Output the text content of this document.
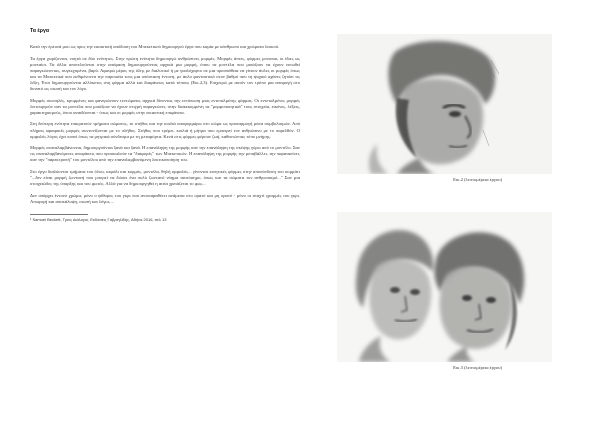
Τα έργα

Κατά την έρευνά μου ως προς την εικαστική απόδοση του Μπεκετικού δημιουργού έργα που καμία με κάνθρωπο και χρώματα λευκού.

Τα έργα χωρίζονται, νοητά σε δύο ενότητες. Στην πρώτη ενότητα δημιουργώ ανθρώπινες μορφές. Μορφές άπτες, φόρμες μονοπαι, οι ίδιες ως μονταίοι. Τα άλλα αποτελούνται στην απόφαση δημιουργούντας αρχικά μια μορφή, όπου τα μοντέλα που μοιάζουν να έχουν ειπωθεί παραγκώνοντας, συγκεχυμένα, βαρύ. Αφαιρώ μέρος της ύλης με διαλυτικό ή με γυαλόχαρτο σε μια προσπάθεια να γίνουν άυλες οι μορφές όπως και τα Μπεκετικά που εκθιμένοντα την παρουσία τους μια υπόσταση έντονη, με άυλο φανταστικό στον βαθμό που τη ψυχικό αχάνες ζητάει τις λέξη. Έτσι δημιουργούνται αλλόκοτες στη φόρμα αλλά και διαφάνειες κατά τόπους (Εικ.2,3). Επιχειρώ με αυτόν τον τρόπο μια αποφυγή στο δυνατό ως σιωπή και τον λόγο.

Μορφές σιωπηλές, κρυμμένες και φανερώνουν τεντώματα, αρχικά δίνοντας την εντύπωση μιας εντεταλμένης φόρμας. Οι εντεταλμένες μορφές λειτουργούν σαν τα μοντέλα που μοιάζουν να έχουν στιγμή παραγκώνει, στην διακεκομμένη τα "μορφοποιητικά" τους στοιχεία, εικόνες, λέξεις, χαρακτηρισμούς, όπου αναιδύονται - όπως και οι μορφές στην εικαστική επιφάνεια.

Στη δεύτερη ενότητα επικρατούν τμήματα σώματος, το στήθος και την κοιλιά αποφορμάρω στο σώμα ως προσαρμογή μέσα συμβολισμών. Από πλήρεις αφαιρικές μορφές συντονίζονται με το πλήθος. Στήθος που τρέμει, κοιλιά ή μήτρα που εμπειρεί τον ανθρώπινο με το παρελθόν. Ο ομφαλός λόγος έχει κοπεί όπως τα μητρικά σύνδεσμα με τη μεταφόρτα. Κενά στις φόρμες φέρουν ζωή, καθιστώντας τόπο μνήμης.

Μορφές επαναλαμβάνονται, δημιουργούνται ξανά και ξανά. Η επανάληψη της μορφής σαν την επανάληψη της σκέψης γύρω από το μοντέλο. Σαν τις επαναλαμβανόμενες αποφάσεις που προσκαλούν τα "διαφορές" των Μπεκετικών. Η επανάληψη της μορφής την μεταβάλλει, την παραταείνει, σαν την "παρεκτροπή" του μοντέλου από την επαναλαμβανόμενη λεκτικοποίηση του.

Στο έργο διαλύονται τμήματα του όλου, κεφάλι και κορμός, μοντέλα, θηλή ομφαλός... γίνονται κινητικές φόρμες στην αποσύνδεση του κομμάτι "...δεν είναι μορφή ζωντανή που μπορεί να δώσει ένα πολύ ζωντανό νόημα ταυτόσημο, όπως και τα σώματα τον ανθρωπισμό..." Σαν μια στοιχειώδες της ύπαρξης και του φωτός. Αλλά για να δημιουργηθεί η αιτία χρειάζεται το φως...

Δεν υπάρχει έντονο χρώμα, μόνο ο ψίθυρος του γκρι που αντιπαραθέτει ανάμεσα στο ορατό και μη ορατό - μόνο οι σταχτί γραμμές του γκρι. Αποφυγή και αποκάλυψη, σιωπή και λόγος....

¹ Samuel Beckett, Τρεις Διάλογοι, Εκδόσεις Γαβριηλίδης, Αθήνα 2016, σελ 13
Εικ.2 (λεπτομέρεια έργου)
Εικ.3 (λεπτομέρεια έργου)
